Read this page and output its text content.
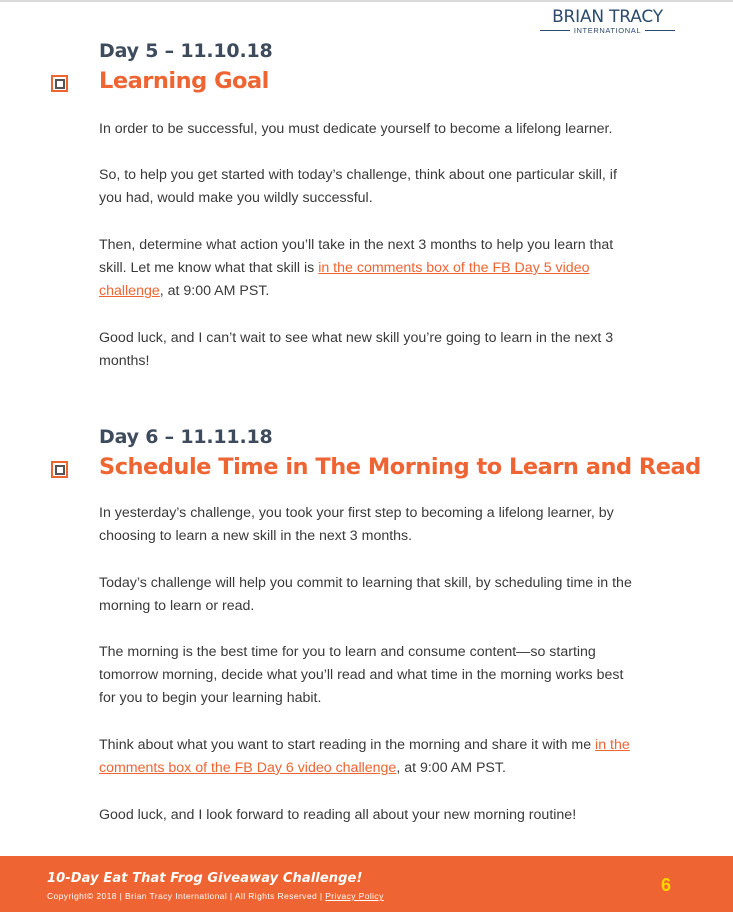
BRIAN TRACY
INTERNATIONAL
Day 5 – 11.10.18
Learning Goal

In order to be successful, you must dedicate yourself to become a lifelong learner.

So, to help you get started with today’s challenge, think about one particular skill, if you had, would make you wildly successful.

Then, determine what action you’ll take in the next 3 months to help you learn that skill. Let me know what that skill is in the comments box of the FB Day 5 video challenge, at 9:00 AM PST.

Good luck, and I can’t wait to see what new skill you’re going to learn in the next 3 months!

Day 6 – 11.11.18
Schedule Time in The Morning to Learn and Read

In yesterday’s challenge, you took your first step to becoming a lifelong learner, by choosing to learn a new skill in the next 3 months.

Today’s challenge will help you commit to learning that skill, by scheduling time in the morning to learn or read.

The morning is the best time for you to learn and consume content—so starting tomorrow morning, decide what you’ll read and what time in the morning works best for you to begin your learning habit.

Think about what you want to start reading in the morning and share it with me in the comments box of the FB Day 6 video challenge, at 9:00 AM PST.

Good luck, and I look forward to reading all about your new morning routine!

10-Day Eat That Frog Giveaway Challenge!
Copyright© 2018 | Brian Tracy International | All Rights Reserved | Privacy Policy
6
